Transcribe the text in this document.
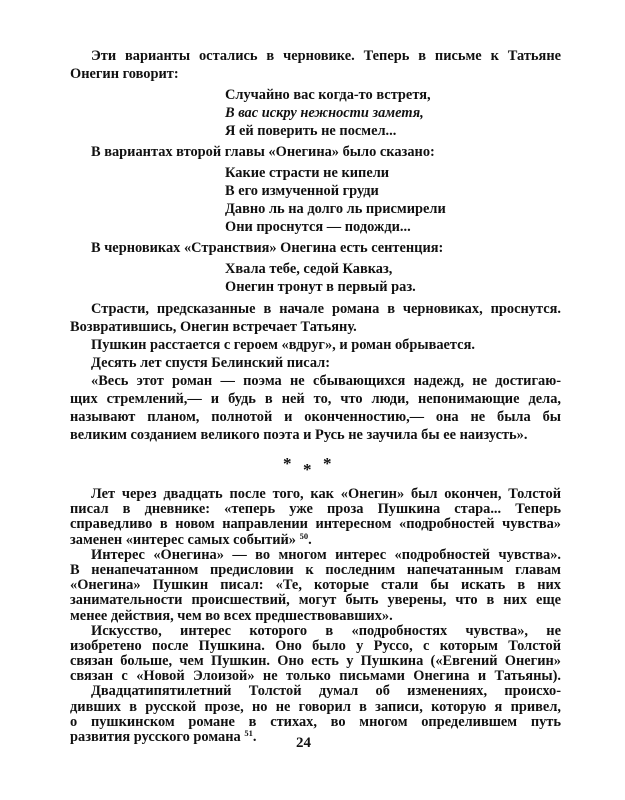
Эти варианты остались в черновике. Теперь в письме к Татьяне
Онегин говорит:
Случайно вас когда-то встретя,
В вас искру нежности заметя,
Я ей поверить не посмел...
В вариантах второй главы «Онегина» было сказано:
Какие страсти не кипели
В его измученной груди
Давно ль на долго ль присмирели
Они проснутся — подожди...
В черновиках «Странствия» Онегина есть сентенция:
Хвала тебе, седой Кавказ,
Онегин тронут в первый раз.
Страсти, предсказанные в начале романа в черновиках, проснутся.
Возвратившись, Онегин встречает Татьяну.
Пушкин расстается с героем «вдруг», и роман обрывается.
Десять лет спустя Белинский писал:
«Весь этот роман — поэма не сбывающихся надежд, не достигаю-
щих стремлений,— и будь в ней то, что люди, непонимающие дела,
называют планом, полнотой и оконченностию,— она не была бы
великим созданием великого поэта и Русь не заучила бы ее наизусть».
* * *
Лет через двадцать после того, как «Онегин» был окончен, Толстой
писал в дневнике: «теперь уже проза Пушкина стара... Теперь
справедливо в новом направлении интересном «подробностей чувства»
заменен «интерес самых событий» $^{50}$.
Интерес «Онегина» — во многом интерес «подробностей чувства».
В ненапечатанном предисловии к последним напечатанным главам
«Онегина» Пушкин писал: «Те, которые стали бы искать в них
занимательности происшествий, могут быть уверены, что в них еще
менее действия, чем во всех предшествовавших».
Искусство, интерес которого в «подробностях чувства», не
изобретено после Пушкина. Оно было у Руссо, с которым Толстой
связан больше, чем Пушкин. Оно есть у Пушкина («Евгений Онегин»
связан с «Новой Элоизой» не только письмами Онегина и Татьяны).
Двадцатипятилетний Толстой думал об изменениях, происхо-
дивших в русской прозе, но не говорил в записи, которую я привел,
о пушкинском романе в стихах, во многом определившем путь
развития русского романа $^{51}$.	24
